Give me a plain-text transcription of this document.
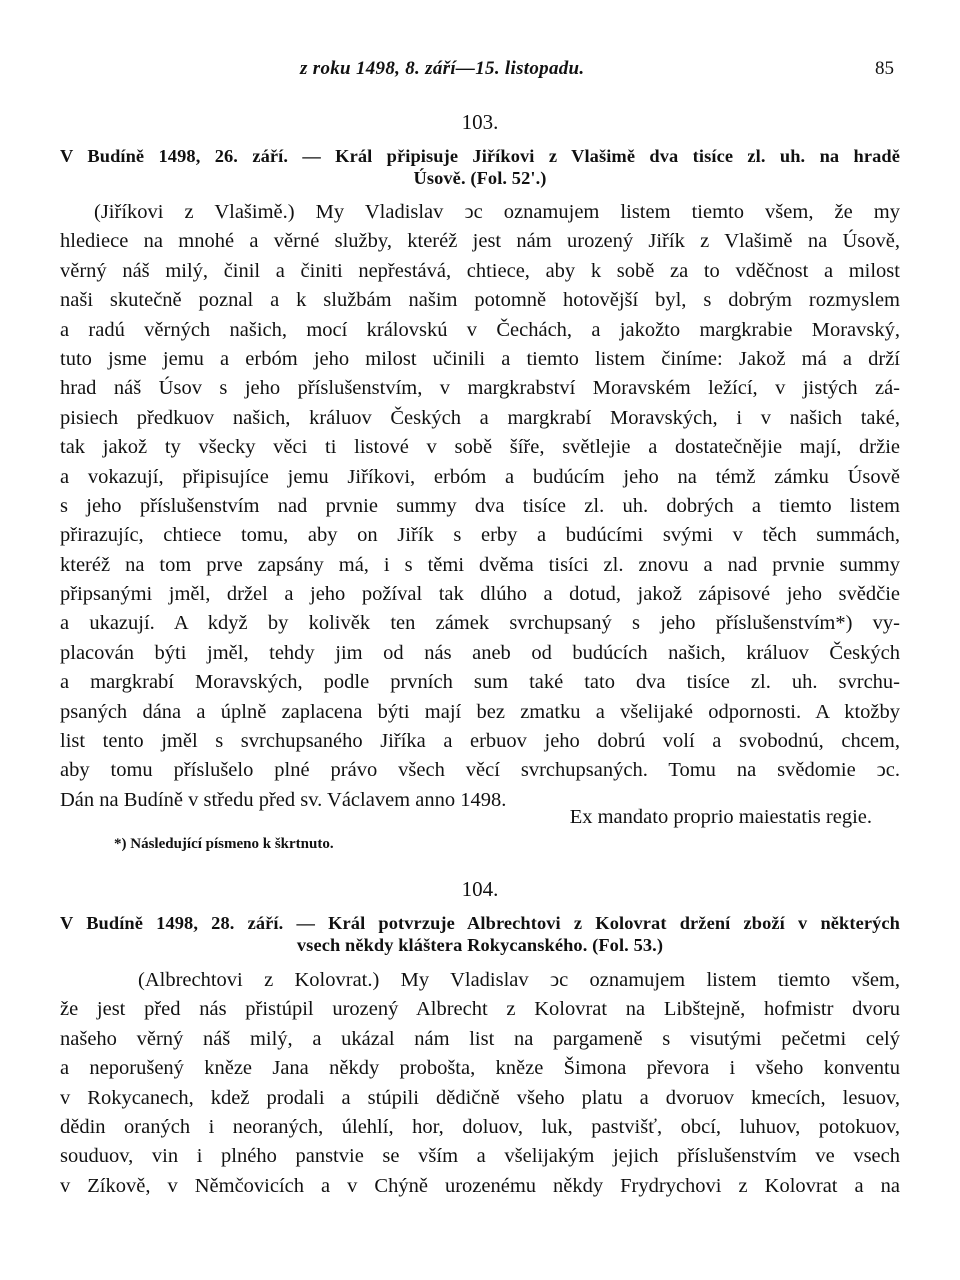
z roku 1498, 8. září—15. listopadu.	85
103.
V Budíně 1498, 26. září. — Král připisuje Jiříkovi z Vlašimě dva tisíce zl. uh. na hradě
Úsově. (Fol. 52'.)
(Jiříkovi z Vlašimě.) My Vladislav ͻc oznamujem listem tiemto všem, že my
hlediece na mnohé a věrné služby, kteréž jest nám urozený Jiřík z Vlašimě na Úsově,
věrný náš milý, činil a činiti nepřestává, chtiece, aby k sobě za to vděčnost a milost
naši skutečně poznal a k službám našim potomně hotovější byl, s dobrým rozmyslem
a radú věrných našich, mocí královskú v Čechách, a jakožto margkrabie Moravský,
tuto jsme jemu a erbóm jeho milost učinili a tiemto listem činíme: Jakož má a drží
hrad náš Úsov s jeho příslušenstvím, v margkrabství Moravském ležící, v jistých zá-
pisiech předkuov našich, králuov Českých a margkrabí Moravských, i v našich také,
tak jakož ty všecky věci ti listové v sobě šíře, světlejie a dostatečnějie mají, držie
a vokazují, připisujíce jemu Jiříkovi, erbóm a budúcím jeho na témž zámku Úsově
s jeho příslušenstvím nad prvnie summy dva tisíce zl. uh. dobrých a tiemto listem
přirazujíc, chtiece tomu, aby on Jiřík s erby a budúcími svými v těch summách,
kteréž na tom prve zapsány má, i s těmi dvěma tisíci zl. znovu a nad prvnie summy
připsanými jměl, držel a jeho požíval tak dlúho a dotud, jakož zápisové jeho svědčie
a ukazují. A když by kolivěk ten zámek svrchupsaný s jeho příslušenstvím*) vy-
placován býti jměl, tehdy jim od nás aneb od budúcích našich, králuov Českých
a margkrabí Moravských, podle prvních sum také tato dva tisíce zl. uh. svrchu-
psaných dána a úplně zaplacena býti mají bez zmatku a všelijaké odpornosti. A ktožby
list tento jměl s svrchupsaného Jiříka a erbuov jeho dobrú volí a svobodnú, chcem,
aby tomu příslušelo plné právo všech věcí svrchupsaných. Tomu na svědomie ͻc.
Dán na Budíně v středu před sv. Václavem anno 1498.
Ex mandato proprio maiestatis regie.
*) Následující písmeno k škrtnuto.
104.
V Budíně 1498, 28. září. — Král potvrzuje Albrechtovi z Kolovrat držení zboží v některých
vsech někdy kláštera Rokycanského. (Fol. 53.)
(Albrechtovi z Kolovrat.) My Vladislav ͻc oznamujem listem tiemto všem,
že jest před nás přistúpil urozený Albrecht z Kolovrat na Libštejně, hofmistr dvoru
našeho věrný náš milý, a ukázal nám list na pargameně s visutými pečetmi celý
a neporušený kněze Jana někdy proboštа, kněze Šimona převora i všeho konventu
v Rokycanech, kdež prodali a stúpili dědičně všeho platu a dvoruov kmecích, lesuov,
dědin oraných i neoraných, úlehlí, hor, doluov, luk, pastvišť, obcí, luhuov, potokuov,
souduov, vin i plného panstvie se vším a všelijakým jejich příslušenstvím ve vsech
v Zíkově, v Němčovicích a v Chýně urozenému někdy Frydrychovi z Kolovrat a na
